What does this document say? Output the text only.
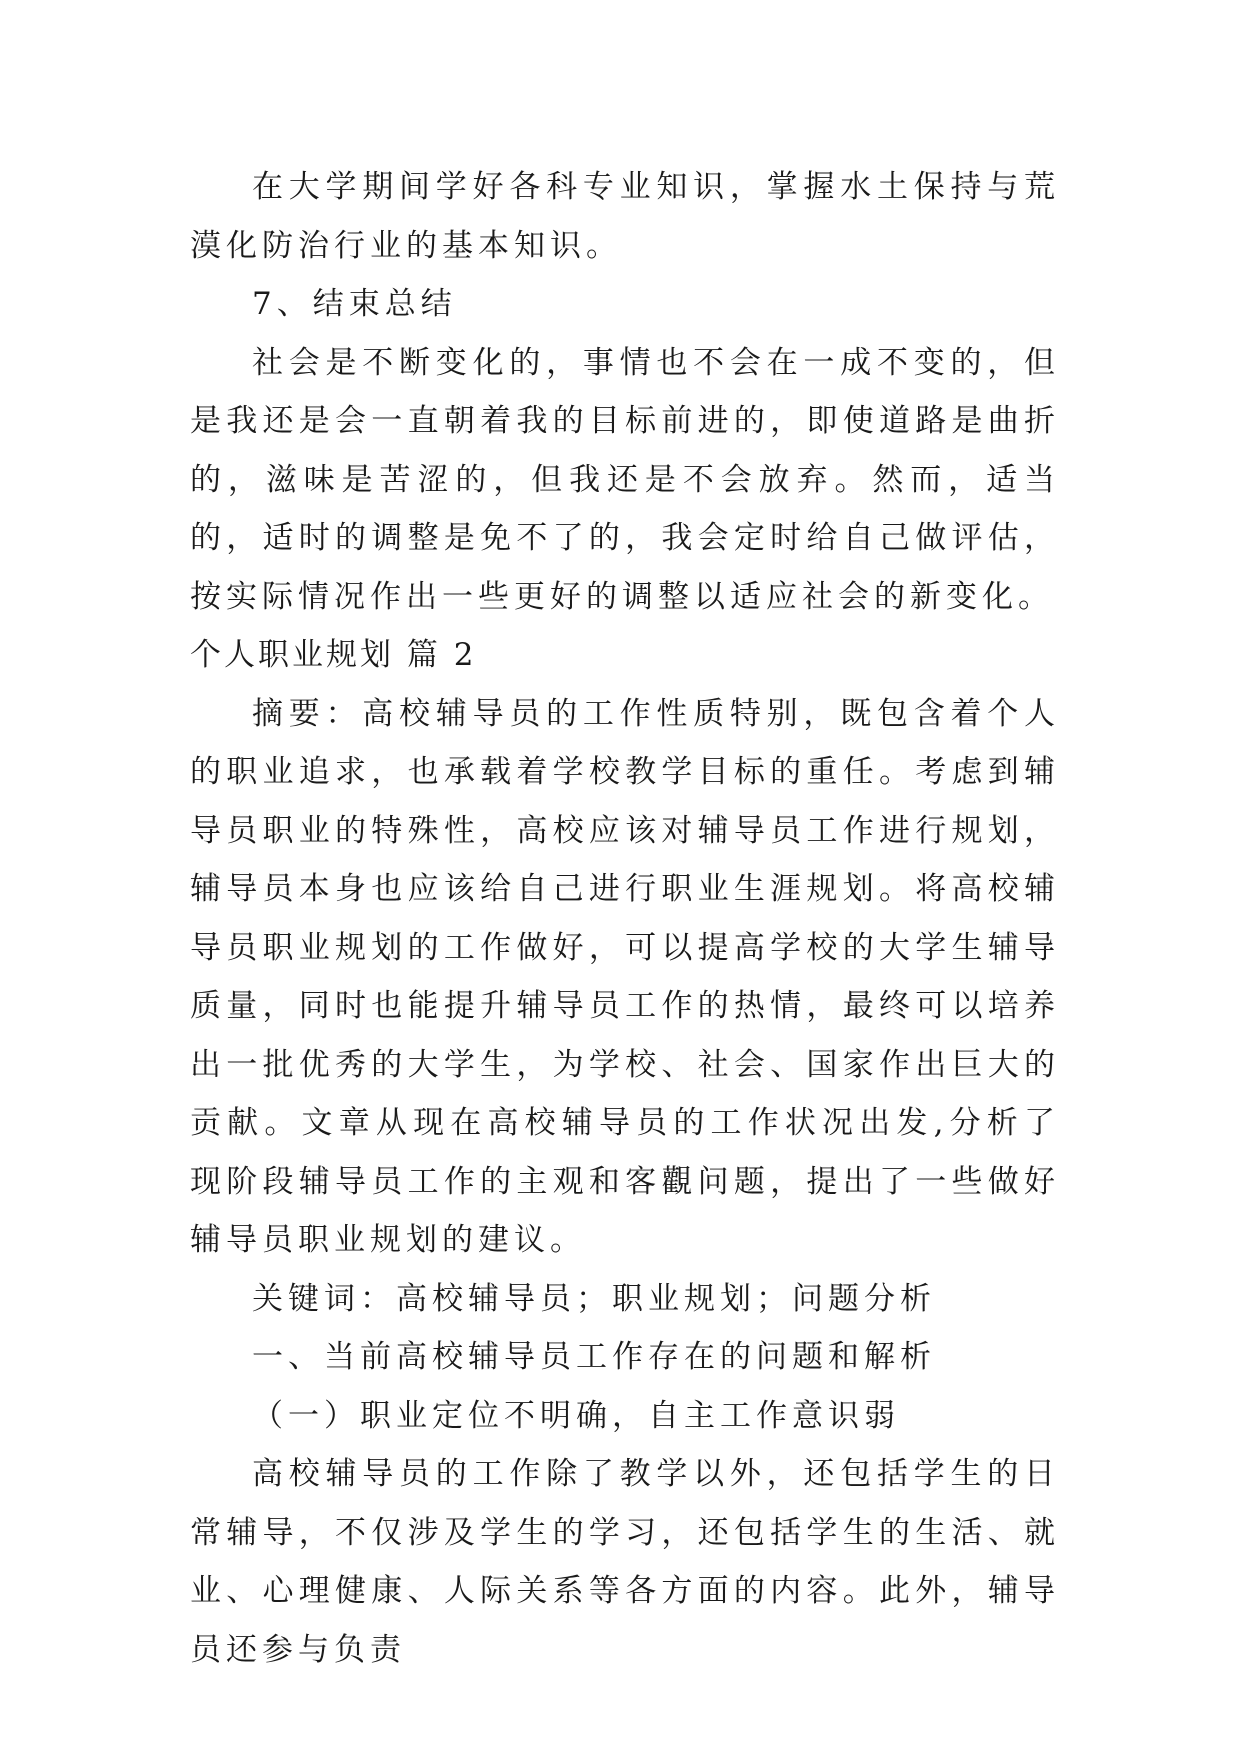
在大学期间学好各科专业知识，掌握水土保持与荒漠化防治行业的基本知识。

7、结束总结

社会是不断变化的，事情也不会在一成不变的，但是我还是会一直朝着我的目标前进的，即使道路是曲折的，滋味是苦涩的，但我还是不会放弃。然而，适当的，适时的调整是免不了的，我会定时给自己做评估，按实际情况作出一些更好的调整以适应社会的新变化。

个人职业规划 篇 2

摘要：高校辅导员的工作性质特别，既包含着个人的职业追求，也承载着学校教学目标的重任。考虑到辅导员职业的特殊性，高校应该对辅导员工作进行规划，辅导员本身也应该给自己进行职业生涯规划。将高校辅导员职业规划的工作做好，可以提高学校的大学生辅导质量，同时也能提升辅导员工作的热情，最终可以培养出一批优秀的大学生，为学校、社会、国家作出巨大的贡献。文章从现在高校辅导员的工作状况出发,分析了现阶段辅导员工作的主观和客觀问题，提出了一些做好辅导员职业规划的建议。

关键词：高校辅导员；职业规划；问题分析

一、当前高校辅导员工作存在的问题和解析

（一）职业定位不明确，自主工作意识弱

高校辅导员的工作除了教学以外，还包括学生的日常辅导，不仅涉及学生的学习，还包括学生的生活、就业、心理健康、人际关系等各方面的内容。此外，辅导员还参与负责
